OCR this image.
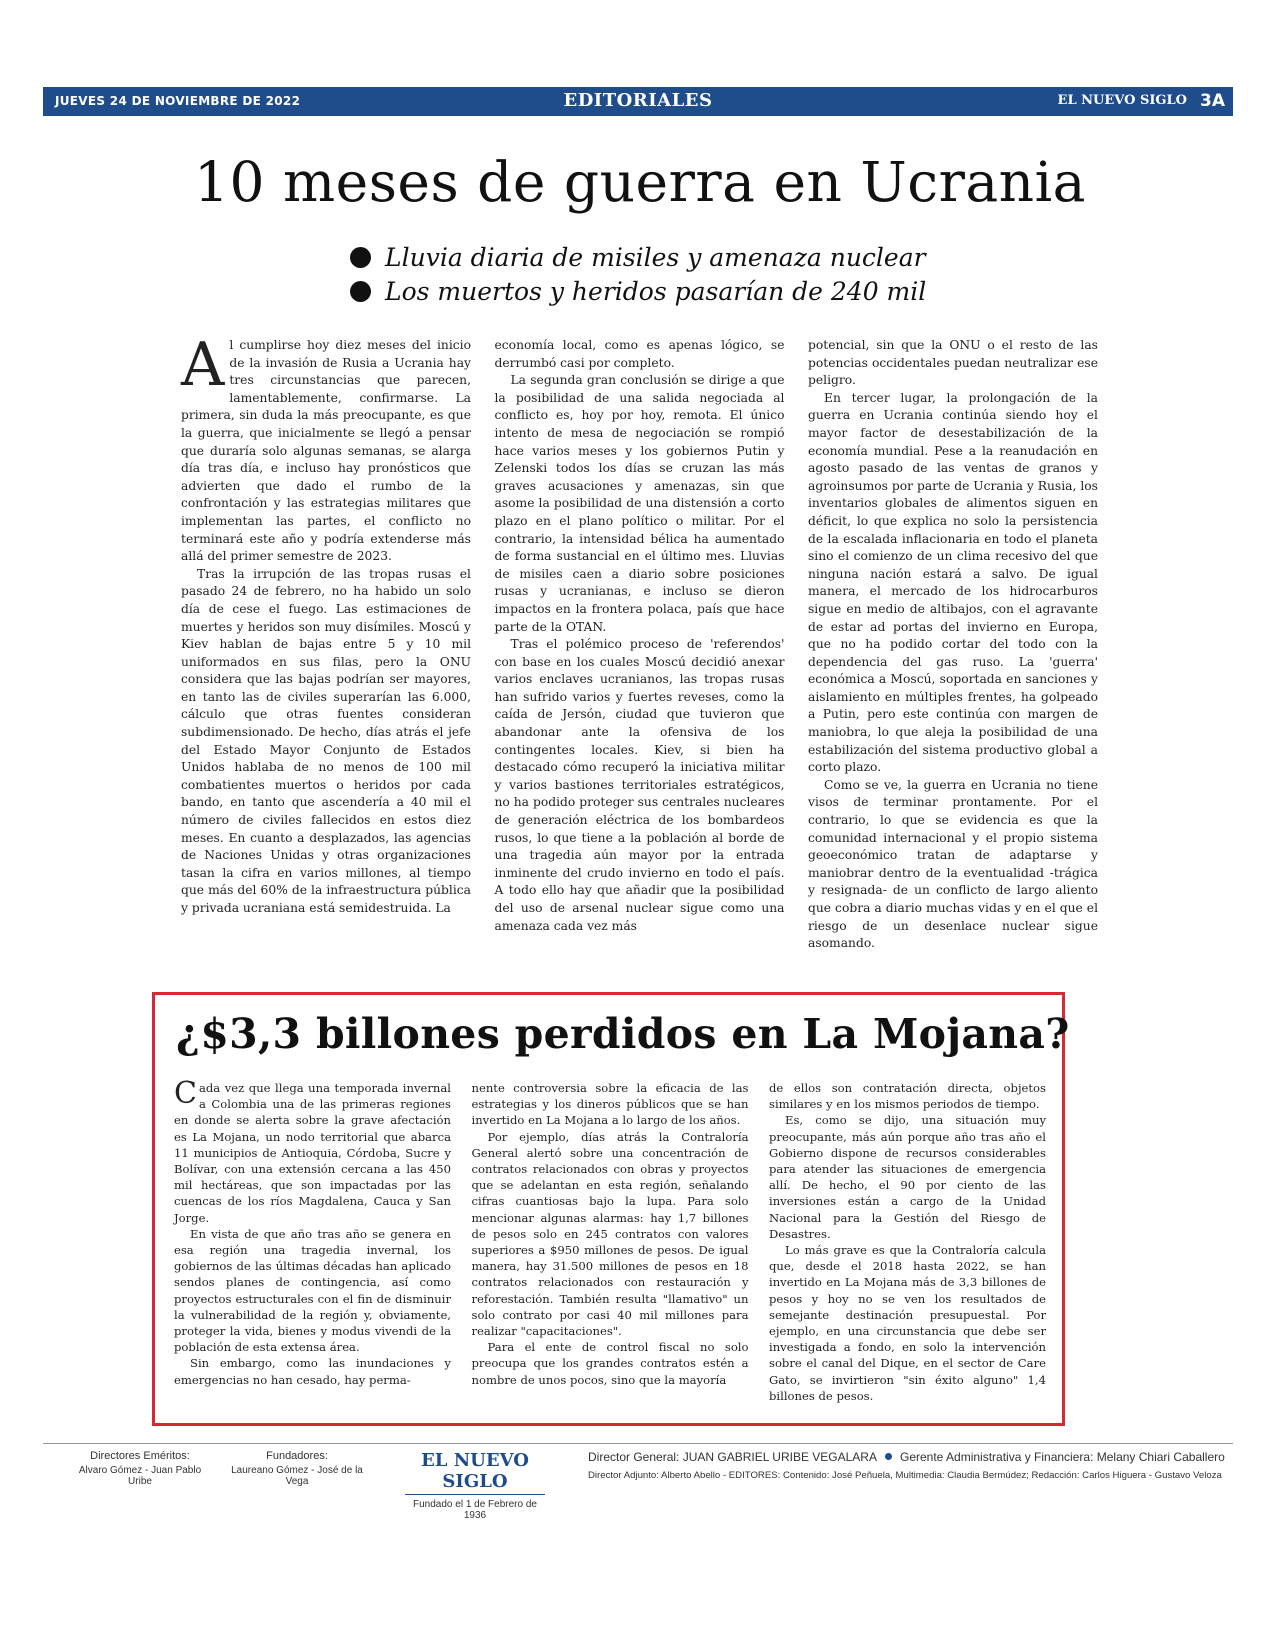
JUEVES 24 DE NOVIEMBRE DE 2022	EDITORIALES	EL NUEVO SIGLO 3A
10 meses de guerra en Ucrania
Lluvia diaria de misiles y amenaza nuclear
Los muertos y heridos pasarían de 240 mil

Al cumplirse hoy diez meses del inicio de la invasión de Rusia a Ucrania hay tres circunstancias que parecen, lamentablemente, confirmarse. La primera, sin duda la más preocupante, es que la guerra, que inicialmente se llegó a pensar que duraría solo algunas semanas, se alarga día tras día, e incluso hay pronósticos que advierten que dado el rumbo de la confrontación y las estrategias militares que implementan las partes, el conflicto no terminará este año y podría extenderse más allá del primer semestre de 2023.

Tras la irrupción de las tropas rusas el pasado 24 de febrero, no ha habido un solo día de cese el fuego. Las estimaciones de muertes y heridos son muy disímiles. Moscú y Kiev hablan de bajas entre 5 y 10 mil uniformados en sus filas, pero la ONU considera que las bajas podrían ser mayores, en tanto las de civiles superarían las 6.000, cálculo que otras fuentes consideran subdimensionado. De hecho, días atrás el jefe del Estado Mayor Conjunto de Estados Unidos hablaba de no menos de 100 mil combatientes muertos o heridos por cada bando, en tanto que ascendería a 40 mil el número de civiles fallecidos en estos diez meses. En cuanto a desplazados, las agencias de Naciones Unidas y otras organizaciones tasan la cifra en varios millones, al tiempo que más del 60% de la infraestructura pública y privada ucraniana está semidestruida. La

economía local, como es apenas lógico, se derrumbó casi por completo.

La segunda gran conclusión se dirige a que la posibilidad de una salida negociada al conflicto es, hoy por hoy, remota. El único intento de mesa de negociación se rompió hace varios meses y los gobiernos Putin y Zelenski todos los días se cruzan las más graves acusaciones y amenazas, sin que asome la posibilidad de una distensión a corto plazo en el plano político o militar. Por el contrario, la intensidad bélica ha aumentado de forma sustancial en el último mes. Lluvias de misiles caen a diario sobre posiciones rusas y ucranianas, e incluso se dieron impactos en la frontera polaca, país que hace parte de la OTAN.

Tras el polémico proceso de 'referendos' con base en los cuales Moscú decidió anexar varios enclaves ucranianos, las tropas rusas han sufrido varios y fuertes reveses, como la caída de Jersón, ciudad que tuvieron que abandonar ante la ofensiva de los contingentes locales. Kiev, si bien ha destacado cómo recuperó la iniciativa militar y varios bastiones territoriales estratégicos, no ha podido proteger sus centrales nucleares de generación eléctrica de los bombardeos rusos, lo que tiene a la población al borde de una tragedia aún mayor por la entrada inminente del crudo invierno en todo el país. A todo ello hay que añadir que la posibilidad del uso de arsenal nuclear sigue como una amenaza cada vez más

potencial, sin que la ONU o el resto de las potencias occidentales puedan neutralizar ese peligro.

En tercer lugar, la prolongación de la guerra en Ucrania continúa siendo hoy el mayor factor de desestabilización de la economía mundial. Pese a la reanudación en agosto pasado de las ventas de granos y agroinsumos por parte de Ucrania y Rusia, los inventarios globales de alimentos siguen en déficit, lo que explica no solo la persistencia de la escalada inflacionaria en todo el planeta sino el comienzo de un clima recesivo del que ninguna nación estará a salvo. De igual manera, el mercado de los hidrocarburos sigue en medio de altibajos, con el agravante de estar ad portas del invierno en Europa, que no ha podido cortar del todo con la dependencia del gas ruso. La 'guerra' económica a Moscú, soportada en sanciones y aislamiento en múltiples frentes, ha golpeado a Putin, pero este continúa con margen de maniobra, lo que aleja la posibilidad de una estabilización del sistema productivo global a corto plazo.

Como se ve, la guerra en Ucrania no tiene visos de terminar prontamente. Por el contrario, lo que se evidencia es que la comunidad internacional y el propio sistema geoeconómico tratan de adaptarse y maniobrar dentro de la eventualidad -trágica y resignada- de un conflicto de largo aliento que cobra a diario muchas vidas y en el que el riesgo de un desenlace nuclear sigue asomando.

¿$3,3 billones perdidos en La Mojana?

Cada vez que llega una temporada invernal a Colombia una de las primeras regiones en donde se alerta sobre la grave afectación es La Mojana, un nodo territorial que abarca 11 municipios de Antioquia, Córdoba, Sucre y Bolívar, con una extensión cercana a las 450 mil hectáreas, que son impactadas por las cuencas de los ríos Magdalena, Cauca y San Jorge.

En vista de que año tras año se genera en esa región una tragedia invernal, los gobiernos de las últimas décadas han aplicado sendos planes de contingencia, así como proyectos estructurales con el fin de disminuir la vulnerabilidad de la región y, obviamente, proteger la vida, bienes y modus vivendi de la población de esta extensa área.

Sin embargo, como las inundaciones y emergencias no han cesado, hay perma-

nente controversia sobre la eficacia de las estrategias y los dineros públicos que se han invertido en La Mojana a lo largo de los años.

Por ejemplo, días atrás la Contraloría General alertó sobre una concentración de contratos relacionados con obras y proyectos que se adelantan en esta región, señalando cifras cuantiosas bajo la lupa. Para solo mencionar algunas alarmas: hay 1,7 billones de pesos solo en 245 contratos con valores superiores a $950 millones de pesos. De igual manera, hay 31.500 millones de pesos en 18 contratos relacionados con restauración y reforestación. También resulta "llamativo" un solo contrato por casi 40 mil millones para realizar "capacitaciones".

Para el ente de control fiscal no solo preocupa que los grandes contratos estén a nombre de unos pocos, sino que la mayoría

de ellos son contratación directa, objetos similares y en los mismos periodos de tiempo.

Es, como se dijo, una situación muy preocupante, más aún porque año tras año el Gobierno dispone de recursos considerables para atender las situaciones de emergencia allí. De hecho, el 90 por ciento de las inversiones están a cargo de la Unidad Nacional para la Gestión del Riesgo de Desastres.

Lo más grave es que la Contraloría calcula que, desde el 2018 hasta 2022, se han invertido en La Mojana más de 3,3 billones de pesos y hoy no se ven los resultados de semejante destinación presupuestal. Por ejemplo, en una circunstancia que debe ser investigada a fondo, en solo la intervención sobre el canal del Dique, en el sector de Care Gato, se invirtieron "sin éxito alguno" 1,4 billones de pesos.

Directores Eméritos:
Alvaro Gómez - Juan Pablo Uribe
Fundadores:
Laureano Gómez - José de la Vega
EL NUEVO SIGLO
Fundado el 1 de Febrero de 1936
Director General: JUAN GABRIEL URIBE VEGALARA Gerente Administrativa y Financiera: Melany Chiari Caballero
Director Adjunto: Alberto Abello - EDITORES: Contenido: José Peñuela, Multimedia: Claudia Bermúdez; Redacción: Carlos Higuera - Gustavo Veloza
